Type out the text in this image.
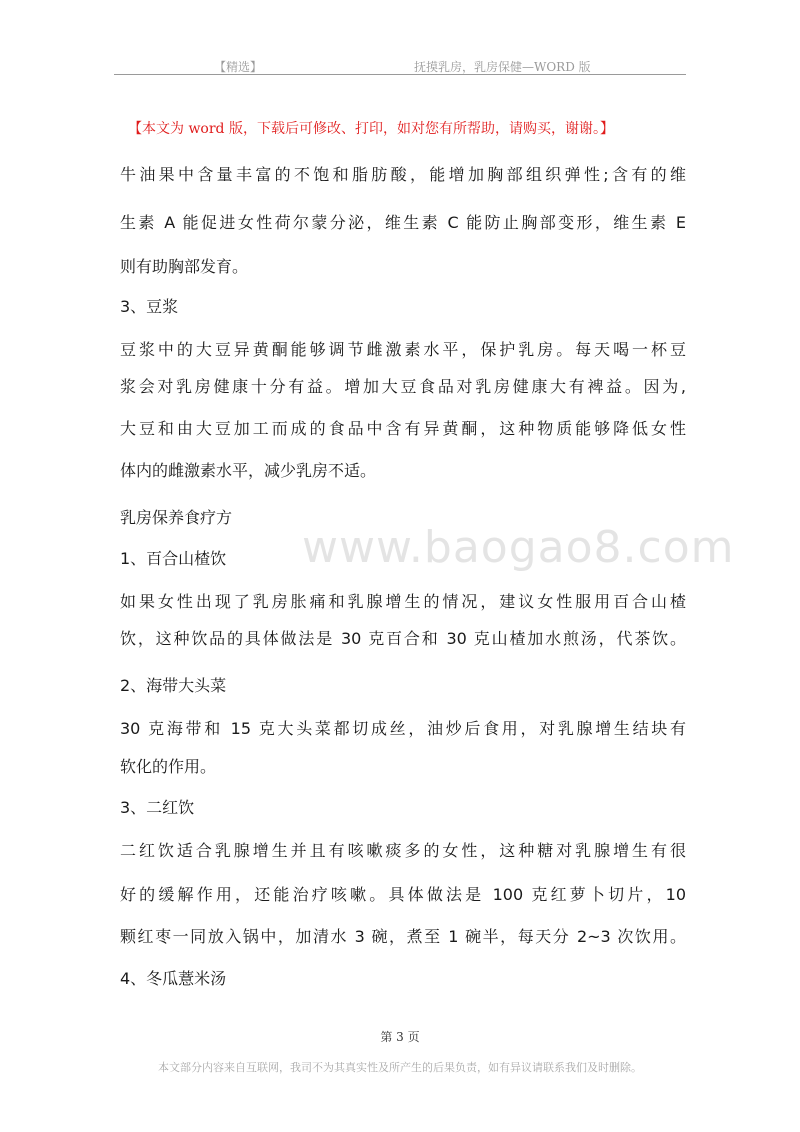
【精选】	抚摸乳房，乳房保健—WORD 版
【本文为 word 版，下载后可修改、打印，如对您有所帮助，请购买，谢谢。】
www.baogao8.com
牛油果中含量丰富的不饱和脂肪酸，能增加胸部组织弹性;含有的维
生素 A 能促进女性荷尔蒙分泌，维生素 C 能防止胸部变形，维生素 E
则有助胸部发育。
3、豆浆
豆浆中的大豆异黄酮能够调节雌激素水平，保护乳房。每天喝一杯豆
浆会对乳房健康十分有益。增加大豆食品对乳房健康大有裨益。因为,
大豆和由大豆加工而成的食品中含有异黄酮，这种物质能够降低女性
体内的雌激素水平，减少乳房不适。
乳房保养食疗方
1、百合山楂饮
如果女性出现了乳房胀痛和乳腺增生的情况，建议女性服用百合山楂
饮，这种饮品的具体做法是 30 克百合和 30 克山楂加水煎汤，代茶饮。
2、海带大头菜
30 克海带和 15 克大头菜都切成丝，油炒后食用，对乳腺增生结块有
软化的作用。
3、二红饮
二红饮适合乳腺增生并且有咳嗽痰多的女性，这种糖对乳腺增生有很
好的缓解作用，还能治疗咳嗽。具体做法是 100 克红萝卜切片，10
颗红枣一同放入锅中，加清水 3 碗，煮至 1 碗半，每天分 2~3 次饮用。
4、冬瓜薏米汤
第 3 页
本文部分内容来自互联网，我司不为其真实性及所产生的后果负责，如有异议请联系我们及时删除。
